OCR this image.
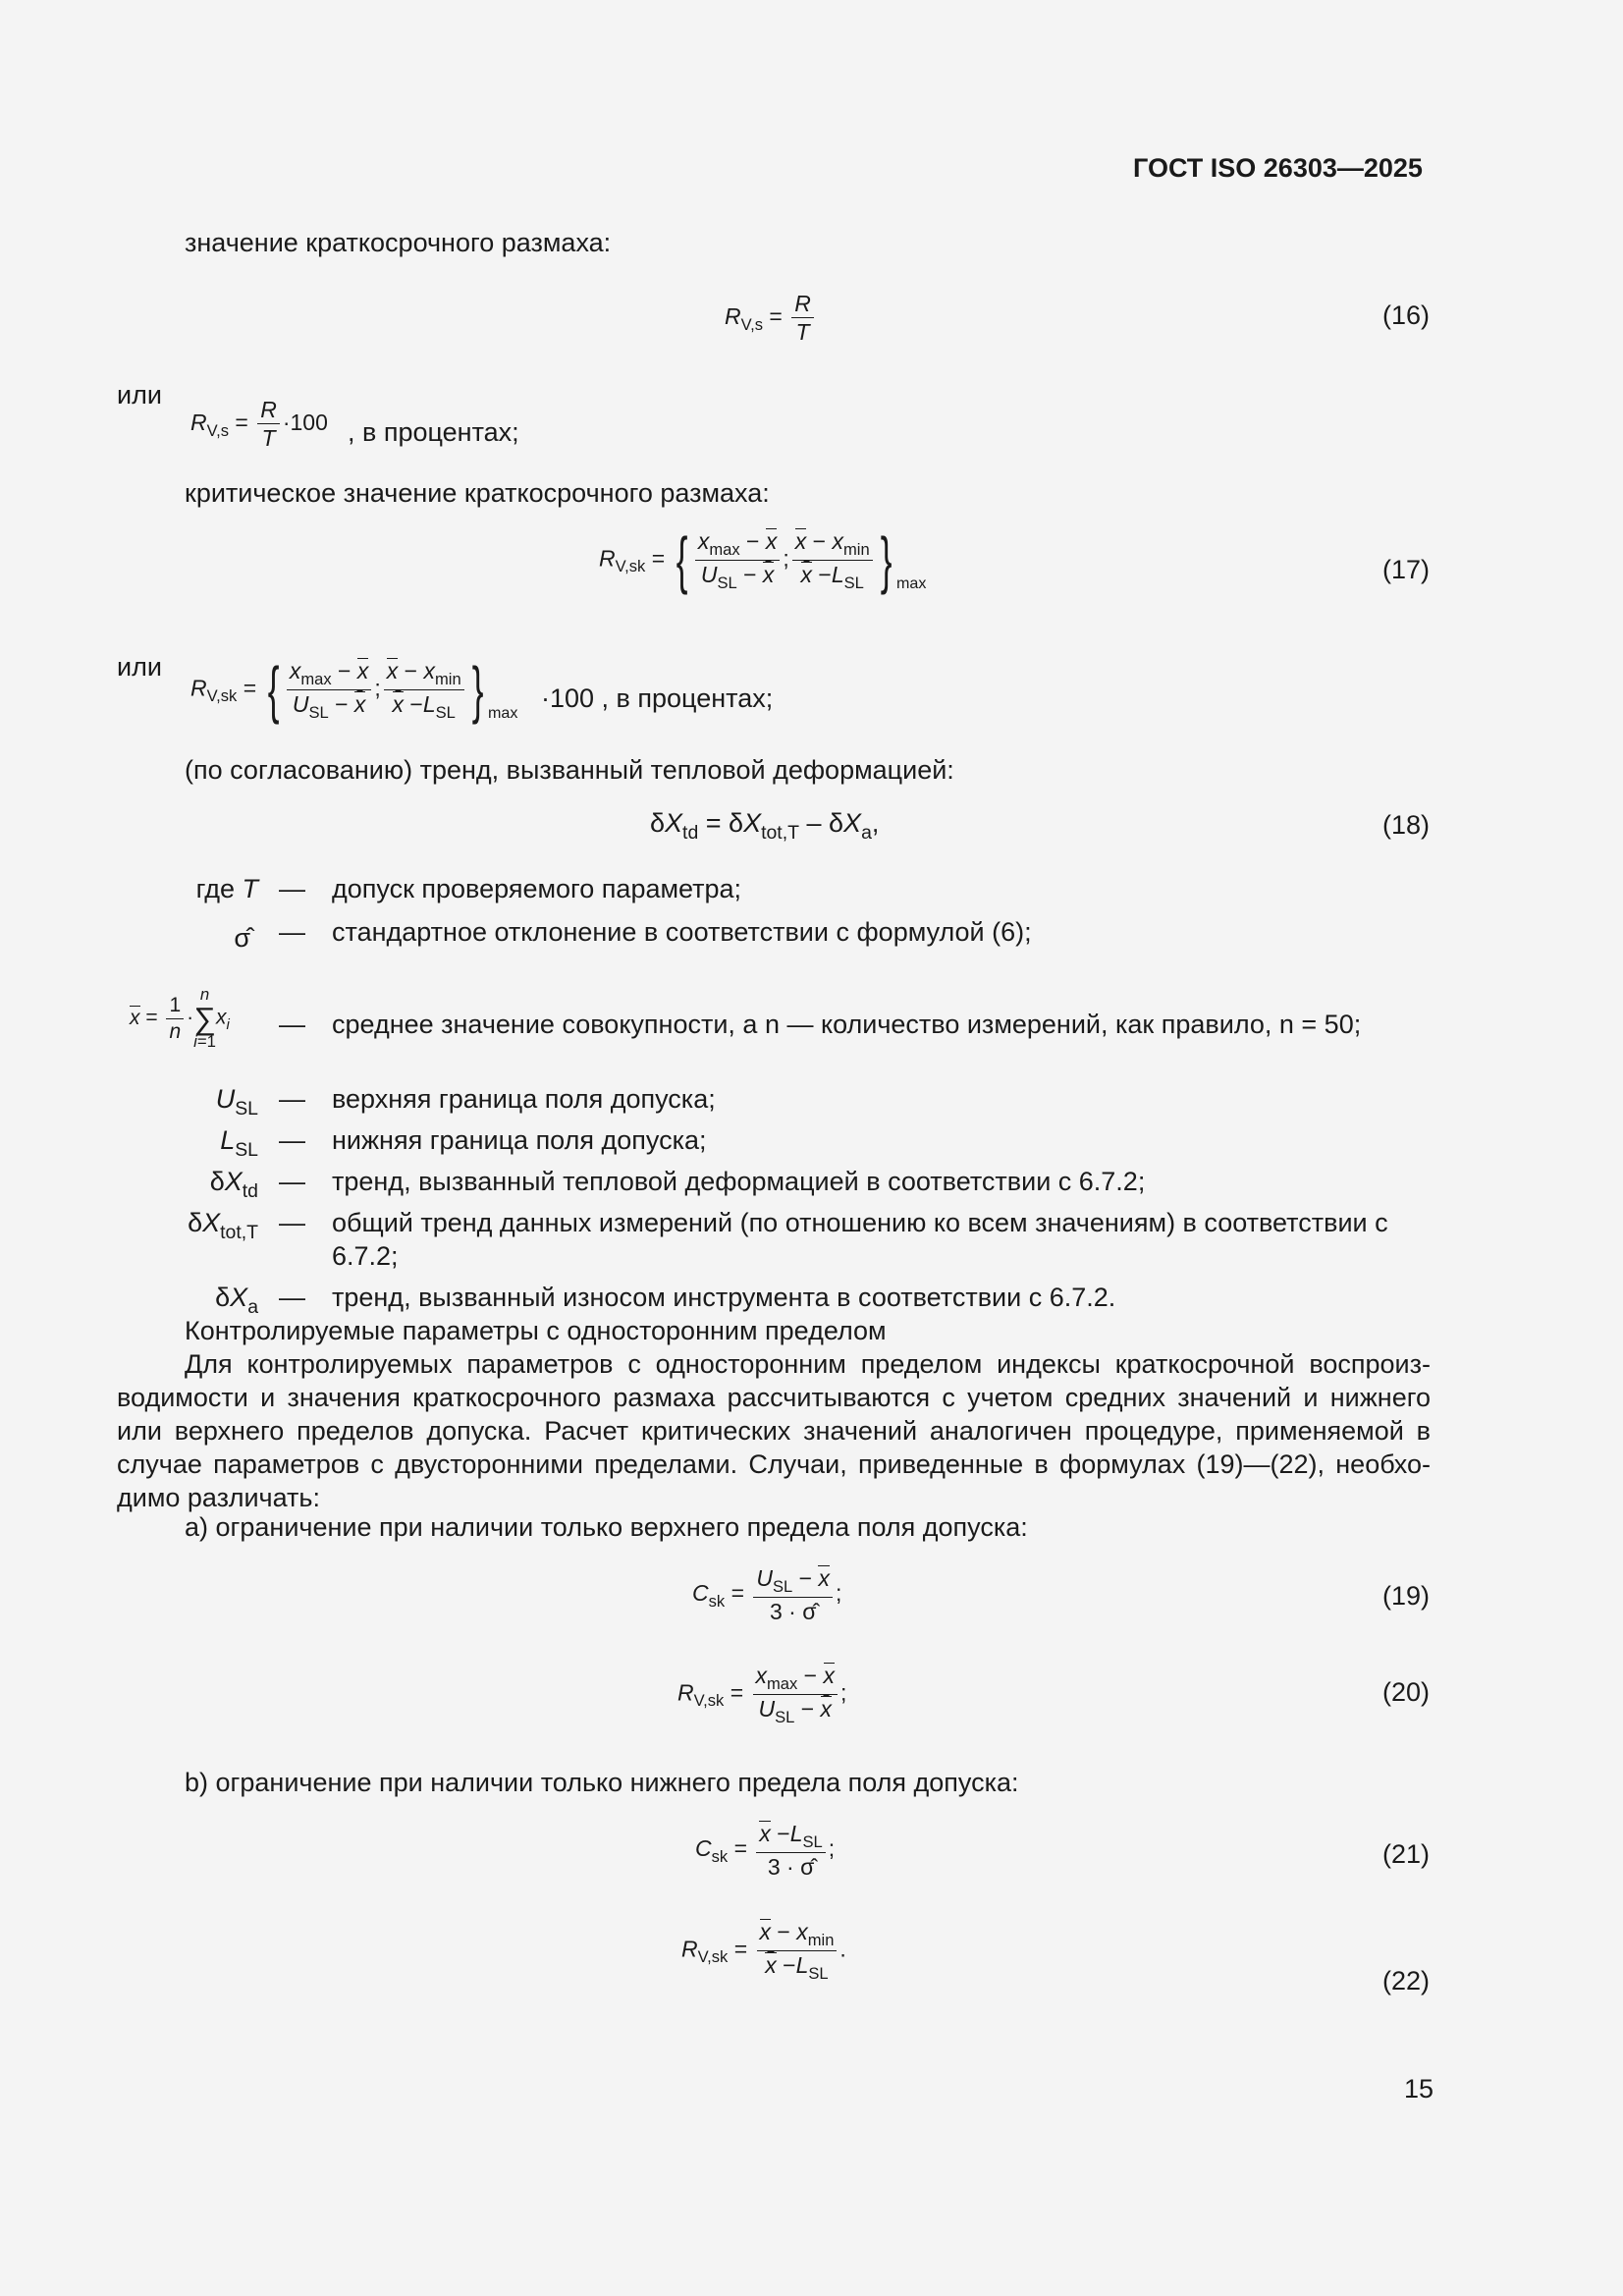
ГОСТ ISO 26303—2025
значение краткосрочного размаха:
$R_{V,s} = \frac{R}{T}$	(16)
или
$R_{V,s} = \frac{R}{T} \cdot 100$ , в процентах;
критическое значение краткосрочного размаха:
$R_{V,sk}$ = { $x_{max} - x$
$U_{SL} - x$
;
$x - x_{min}$
$x -L_{SL}$ } $_{max}$	(17)
или
$R_{V,sk}$ = { $x_{max} - x$
$U_{SL} - x$
;
$x - x_{min}$
$x -L_{SL}$ } $_{max}$ ·100 , в процентах;
(по согласованию) тренд, вызванный тепловой деформацией:
$\delta X_{td} = \delta X_{tot,T} - \delta X_a$,	(18)
где T — допуск проверяемого параметра;
σ̂ — стандартное отклонение в соответствии с формулой (6);
$x = \frac{1}{n}$ ·
n
∑
i=1
$x_i$ — среднее значение совокупности, а n — количество измерений, как правило, n = 50;
$U_{SL}$ — верхняя граница поля допуска;
$L_{SL}$ — нижняя граница поля допуска;
$\delta X_{td}$ — тренд, вызванный тепловой деформацией в соответствии с 6.7.2;
$\delta X_{tot,T}$ — общий тренд данных измерений (по отношению ко всем значениям) в соответствии с
6.7.2;
$\delta X_a$ — тренд, вызванный износом инструмента в соответствии с 6.7.2.
Контролируемые параметры с односторонним пределом

Для контролируемых параметров с односторонним пределом индексы краткосрочной воспроизводимости и значения краткосрочного размаха рассчитываются с учетом средних значений и нижнего или верхнего пределов допуска. Расчет критических значений аналогичен процедуре, применяемой в случае параметров с двусторонними пределами. Случаи, приведенные в формулах (19)—(22), необходимо различать:

а) ограничение при наличии только верхнего предела поля допуска:
$C_{sk}$ =
$U_{SL} - x$
3 · σ̂
;	(19)
$R_{V,sk}$ =
$x_{max} - x$
$U_{SL} - x$
;	(20)
b) ограничение при наличии только нижнего предела поля допуска:
$C_{sk}$ =
$x -L_{SL}$
3 · σ̂
;	(21)
$R_{V,sk}$ =
$x - x_{min}$
$x -L_{SL}$
.
(22)
15
